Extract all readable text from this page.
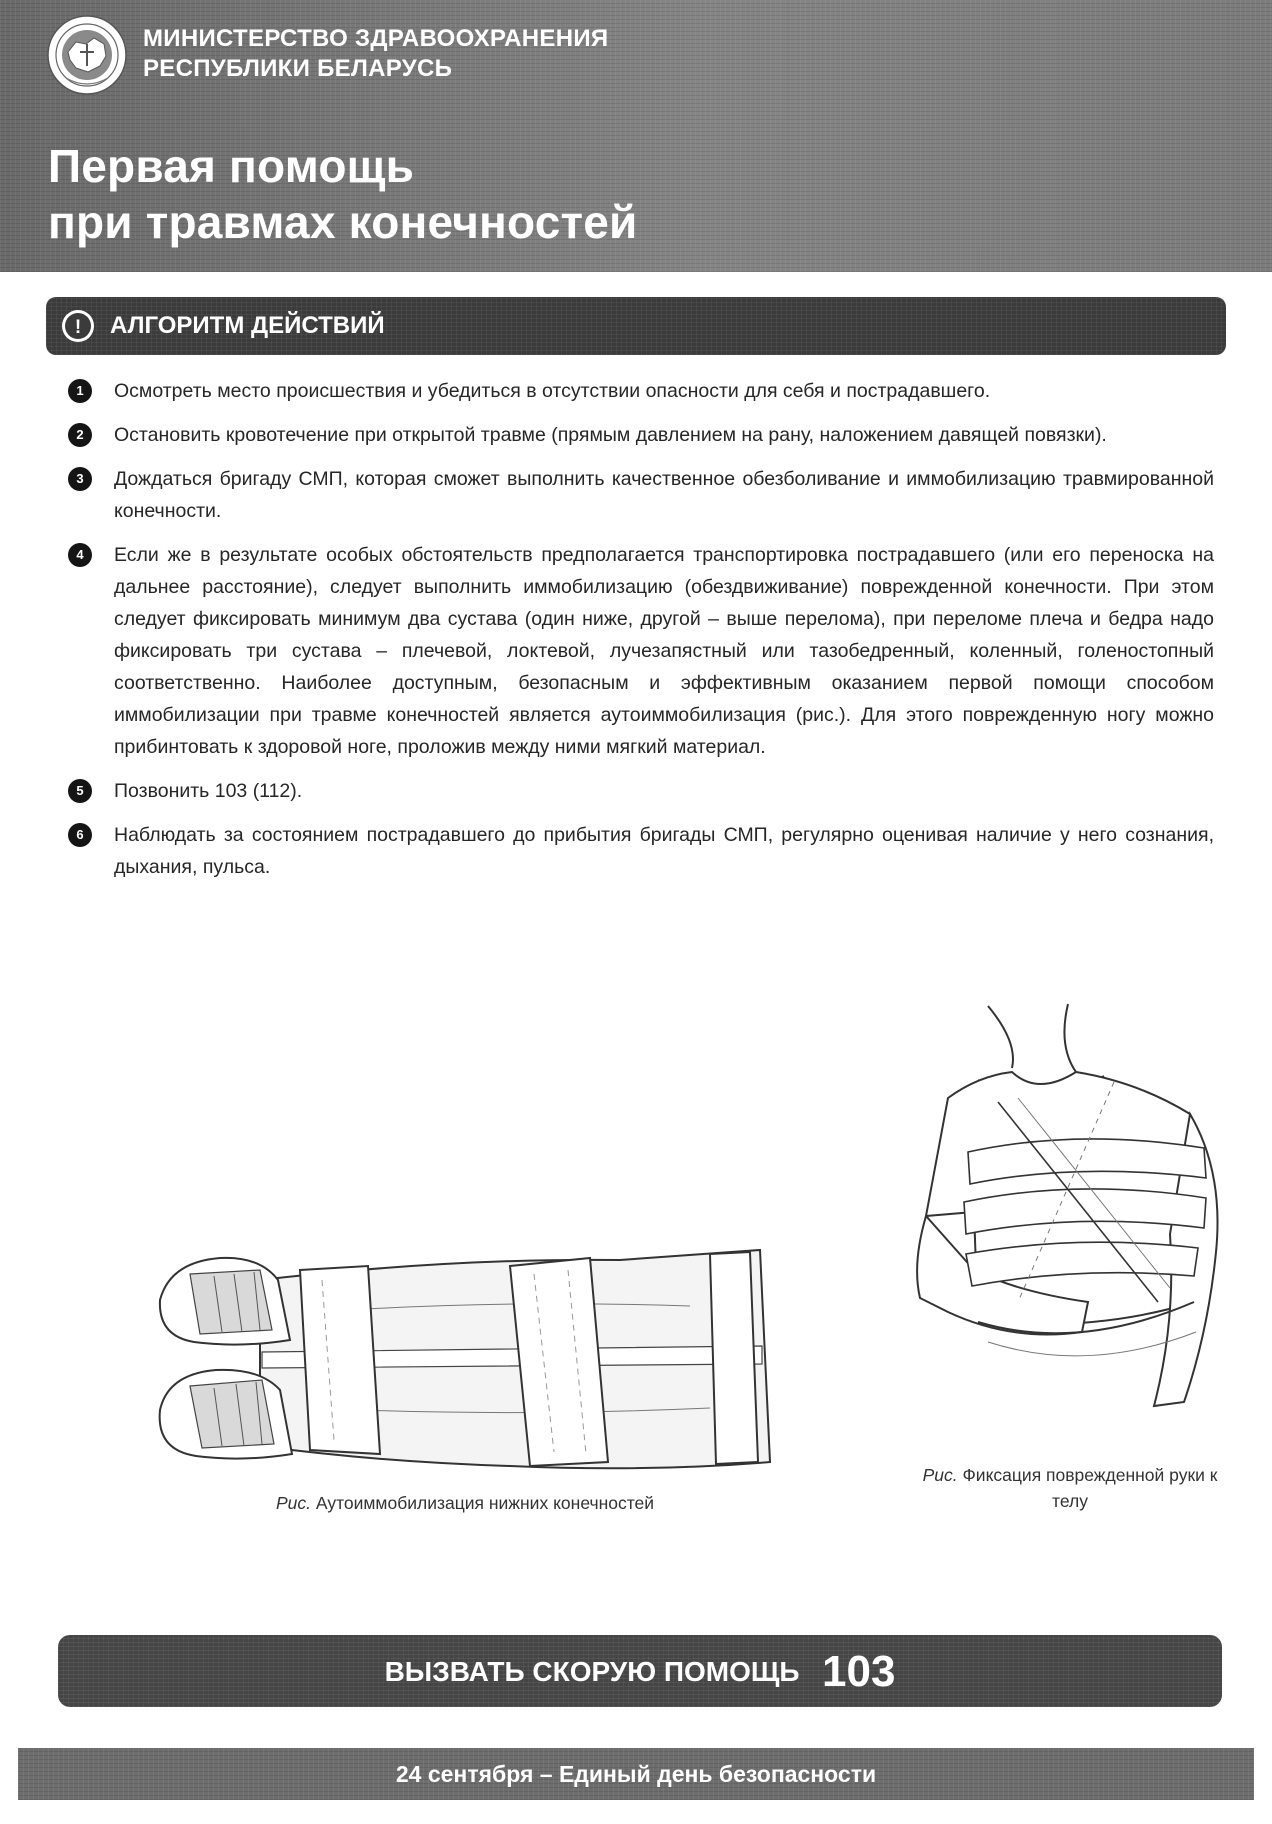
МИНИСТЕРСТВО ЗДРАВООХРАНЕНИЯ
РЕСПУБЛИКИ БЕЛАРУСЬ
Первая помощь
при травмах конечностей
! АЛГОРИТМ ДЕЙСТВИЙ
1	Осмотреть место происшествия и убедиться в отсутствии опасности для себя и пострадавшего.

2	Остановить кровотечение при открытой травме (прямым давлением на рану, наложением давящей повязки).

3	Дождаться бригаду СМП, которая сможет выполнить качественное обезболивание и иммобилизацию травмированной конечности.

4	Если же в результате особых обстоятельств предполагается транспортировка пострадавшего (или его переноска на дальнее расстояние), следует выполнить иммобилизацию (обездвиживание) поврежденной конечности. При этом следует фиксировать минимум два сустава (один ниже, другой – выше перелома), при переломе плеча и бедра надо фиксировать три сустава – плечевой, локтевой, лучезапястный или тазобедренный, коленный, голеностопный соответственно. Наиболее доступным, безопасным и эффективным оказанием первой помощи способом иммобилизации при травме конечностей является аутоиммобилизация (рис.). Для этого поврежденную ногу можно прибинтовать к здоровой ноге, проложив между ними мягкий материал.

5	Позвонить 103 (112).

6	Наблюдать за состоянием пострадавшего до прибытия бригады СМП, регулярно оценивая наличие у него сознания, дыхания, пульса.

Рис. Аутоиммобилизация нижних конечностей
Рис. Фиксация поврежденной руки к телу
ВЫЗВАТЬ СКОРУЮ ПОМОЩЬ 103
24 сентября – Единый день безопасности
